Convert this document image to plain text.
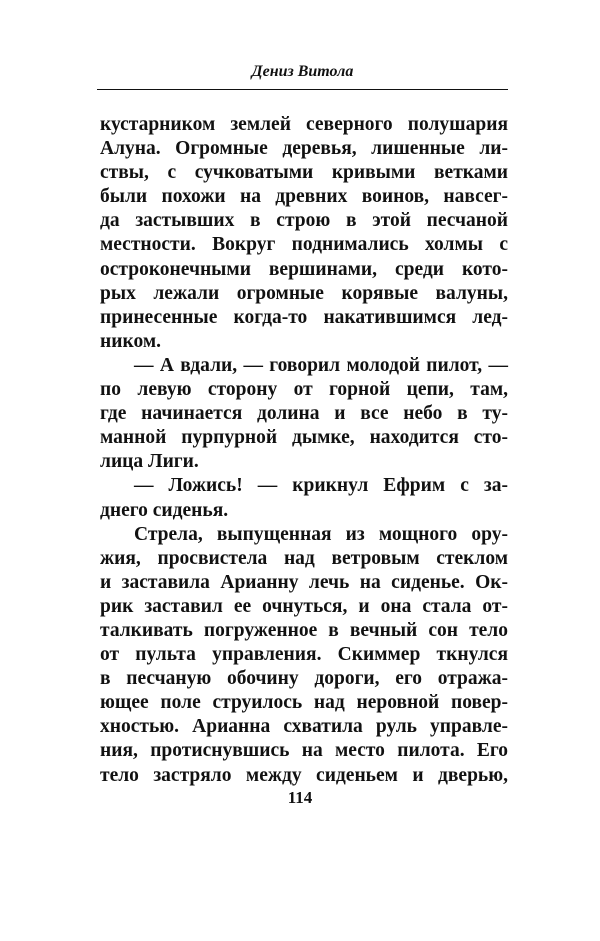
Дениз Витола
кустарником землей северного полушария
Алуна. Огромные деревья, лишенные ли-
ствы, с сучковатыми кривыми ветками
были похожи на древних воинов, навсег-
да застывших в строю в этой песчаной
местности. Вокруг поднимались холмы с
остроконечными вершинами, среди кото-
рых лежали огромные корявые валуны,
принесенные когда-то накатившимся лед-
ником.
— А вдали, — говорил молодой пилот, —
по левую сторону от горной цепи, там,
где начинается долина и все небо в ту-
манной пурпурной дымке, находится сто-
лица Лиги.
— Ложись! — крикнул Ефрим с за-
днего сиденья.
Стрела, выпущенная из мощного ору-
жия, просвистела над ветровым стеклом
и заставила Арианну лечь на сиденье. Ок-
рик заставил ее очнуться, и она стала от-
талкивать погруженное в вечный сон тело
от пульта управления. Скиммер ткнулся
в песчаную обочину дороги, его отража-
ющее поле струилось над неровной повер-
хностью. Арианна схватила руль управле-
ния, протиснувшись на место пилота. Его
тело застряло между сиденьем и дверью,
114
